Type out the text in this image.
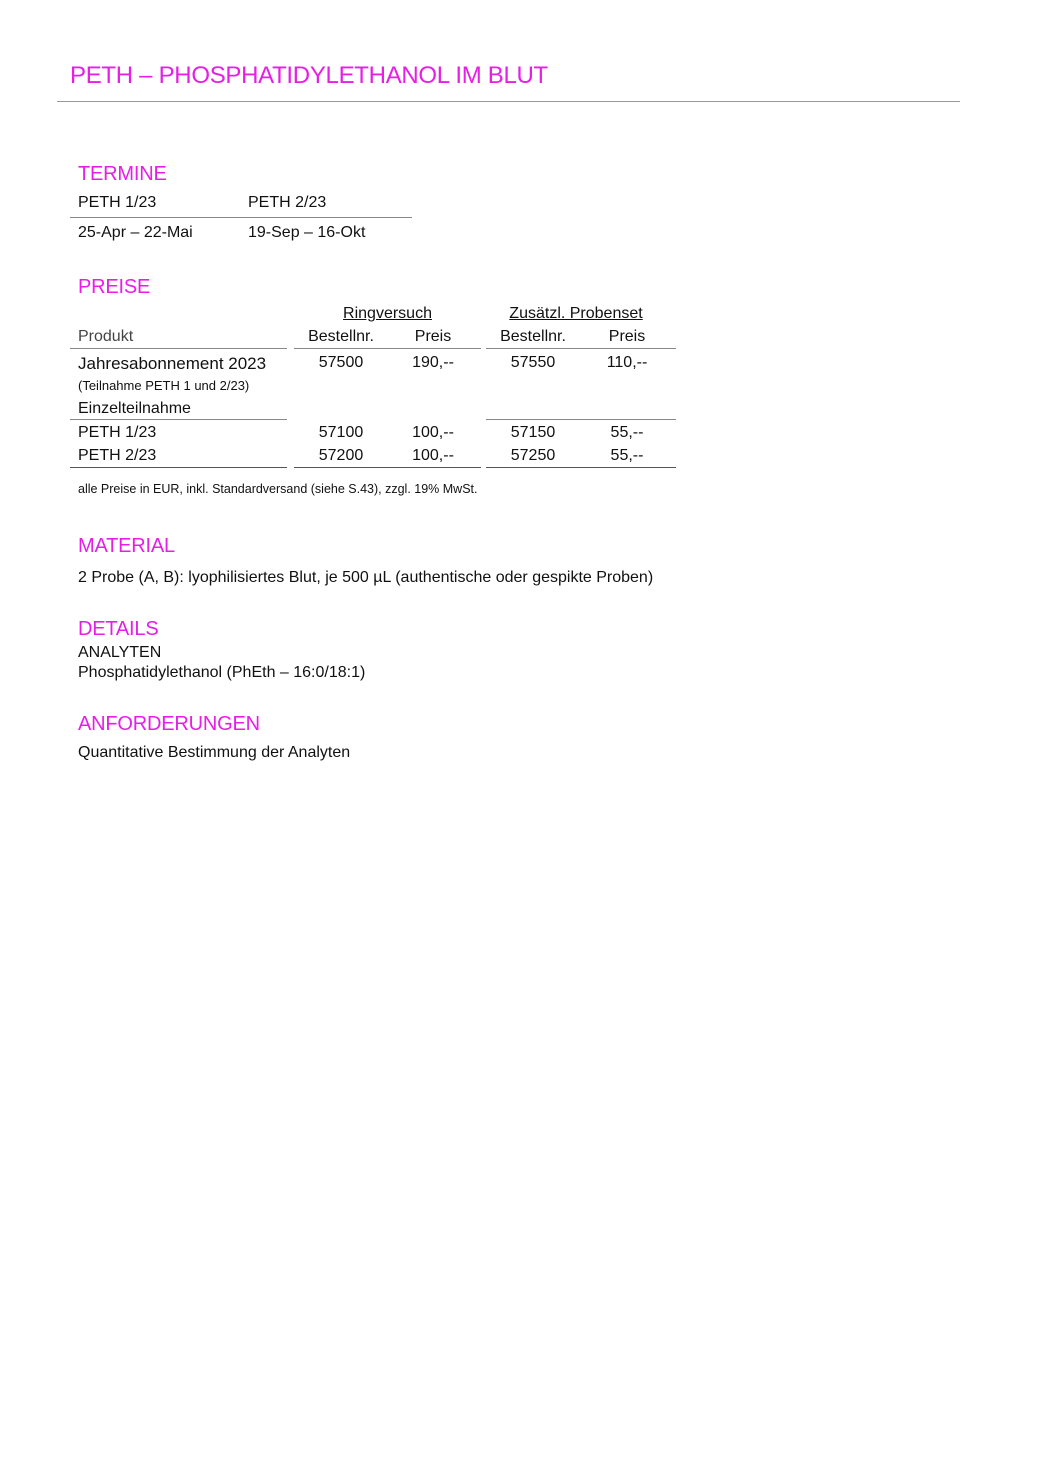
PETH – PHOSPHATIDYLETHANOL IM BLUT
TERMINE
PETH 1/23	PETH 2/23
25-Apr – 22-Mai	19-Sep – 16-Okt
PREISE
Ringversuch	Zusätzl. Probenset
Produkt	Bestellnr.	Preis	Bestellnr.	Preis
Jahresabonnement 2023	57500	190,--	57550	110,--
(Teilnahme PETH 1 und 2/23)
Einzelteilnahme
PETH 1/23	57100	100,--	57150	55,--
PETH 2/23	57200	100,--	57250	55,--
alle Preise in EUR, inkl. Standardversand (siehe S.43), zzgl. 19% MwSt.
MATERIAL
2 Probe (A, B): lyophilisiertes Blut, je 500 µL (authentische oder gespikte Proben)
DETAILS
ANALYTEN
Phosphatidylethanol (PhEth – 16:0/18:1)
ANFORDERUNGEN
Quantitative Bestimmung der Analyten
